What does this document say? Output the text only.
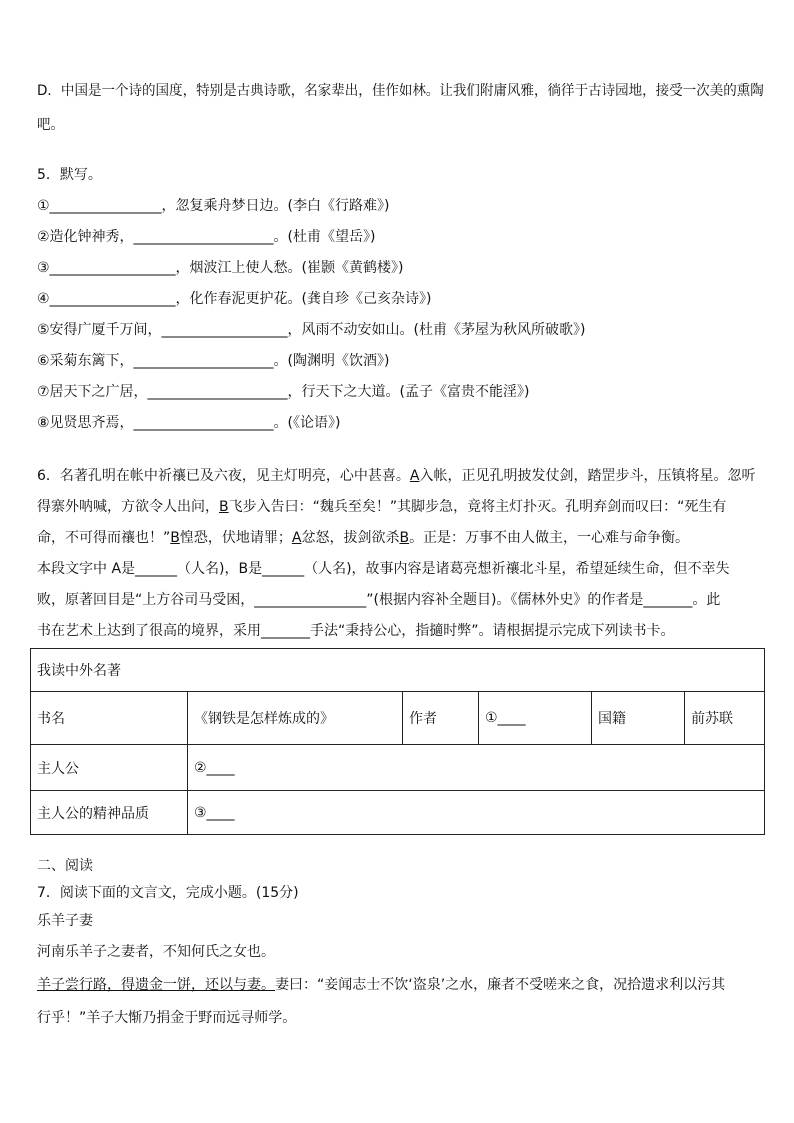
D．中国是一个诗的国度，特别是古典诗歌，名家辈出，佳作如林。让我们附庸风雅，徜徉于古诗园地，接受一次美的熏陶
吧。
5．默写。
①________________，忽复乘舟梦日边。(李白《行路难》)
②造化钟神秀，____________________。(杜甫《望岳》)
③__________________，烟波江上使人愁。(崔颢《黄鹤楼》)
④__________________，化作春泥更护花。(龚自珍《己亥杂诗》)
⑤安得广厦千万间，__________________，风雨不动安如山。(杜甫《茅屋为秋风所破歌》)
⑥采菊东篱下，____________________。(陶渊明《饮酒》)
⑦居天下之广居，____________________，行天下之大道。(孟子《富贵不能淫》)
⑧见贤思齐焉，____________________。(《论语》)
6．名著孔明在帐中祈禳已及六夜，见主灯明亮，心中甚喜。A入帐，正见孔明披发仗剑，踏罡步斗，压镇将星。忽听
得寨外呐喊，方欲令人出问，B飞步入告曰：“魏兵至矣！”其脚步急，竟将主灯扑灭。孔明弃剑而叹曰：“死生有
命，不可得而禳也！”B惶恐，伏地请罪；A忿怒，拔剑欲杀B。正是：万事不由人做主，一心难与命争衡。
本段文字中 A是______（人名)，B是______（人名)，故事内容是诸葛亮想祈禳北斗星，希望延续生命，但不幸失
败，原著回目是“上方谷司马受困，________________”(根据内容补全题目)。《儒林外史》的作者是_______。此
书在艺术上达到了很高的境界，采用_______手法“秉持公心，指擿时弊”。请根据提示完成下列读书卡。
我读中外名著					
书名	《钢铁是怎样炼成的》	作者	①____	国籍	前苏联
主人公	②____				
主人公的精神品质	③____				
二、阅读
7．阅读下面的文言文，完成小题。(15分)
乐羊子妻
河南乐羊子之妻者，不知何氏之女也。
羊子尝行路，得遗金一饼，还以与妻。妻曰：“妾闻志士不饮‘盗泉’之水，廉者不受嗟来之食，况拾遗求利以污其
行乎！”羊子大惭乃捐金于野而远寻师学。
